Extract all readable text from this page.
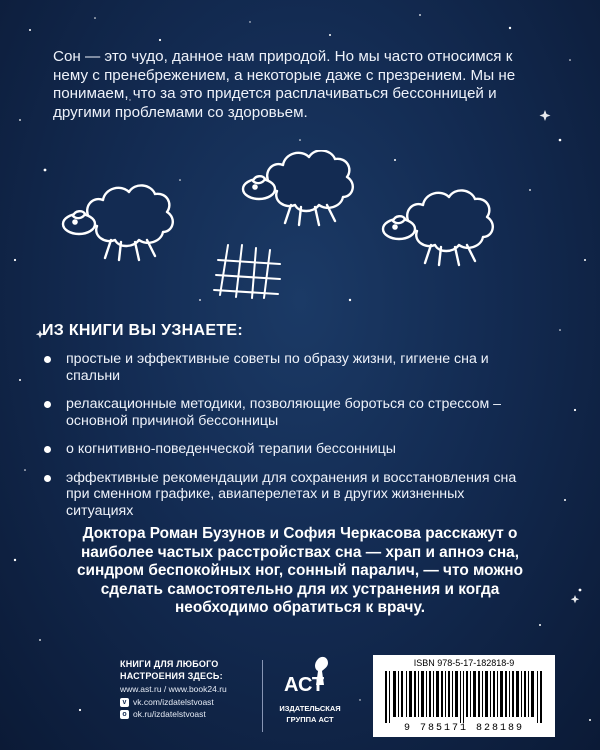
Сон — это чудо, данное нам природой. Но мы часто относимся к нему с пренебрежением, а некоторые даже с презрением. Мы не понимаем, что за это придется расплачиваться бессонницей и другими проблемами со здоровьем.
ИЗ КНИГИ ВЫ УЗНАЕТЕ:
простые и эффективные советы по образу жизни, гигиене сна и спальни
релаксационные методики, позволяющие бороться со стрессом – основной причиной бессонницы
о когнитивно-поведенческой терапии бессонницы
эффективные рекомендации для сохранения и восстановления сна при сменном графике, авиаперелетах и в других жизненных ситуациях
Доктора Роман Бузунов и София Черкасова расскажут о наиболее частых расстройствах сна — храп и апноэ сна, синдром беспокойных ног, сонный паралич, — что можно сделать самостоятельно для их устранения и когда необходимо обратиться к врачу.
КНИГИ ДЛЯ ЛЮБОГО
НАСТРОЕНИЯ ЗДЕСЬ:
www.ast.ru / www.book24.ru
v vk.com/izdatelstvoast
o ok.ru/izdatelstvoast
АСТ
ИЗДАТЕЛЬСКАЯ
ГРУППА АСТ
ISBN 978-5-17-182818-9
9 785171 828189
